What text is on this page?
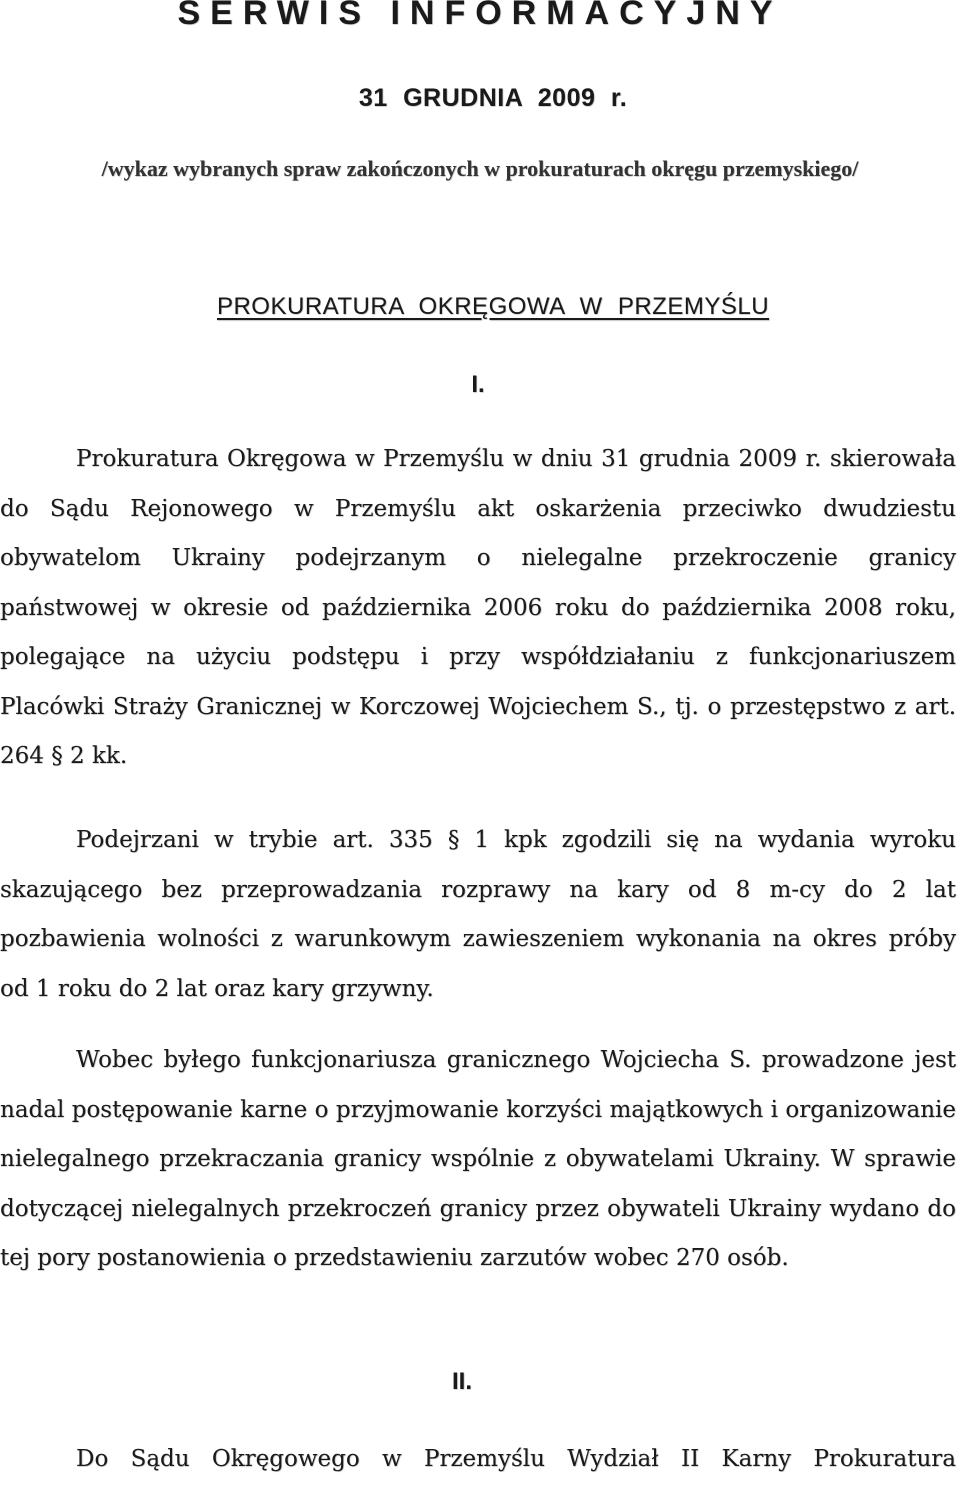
SERWIS INFORMACYJNY
31 GRUDNIA 2009 r.
/wykaz wybranych spraw zakończonych w prokuraturach okręgu przemyskiego/
PROKURATURA OKRĘGOWA W PRZEMYŚLU
I.
Prokuratura Okręgowa w Przemyślu w dniu 31 grudnia 2009 r. skierowała do Sądu Rejonowego w Przemyślu akt oskarżenia przeciwko dwudziestu obywatelom Ukrainy podejrzanym o nielegalne przekroczenie granicy państwowej w okresie od października 2006 roku do października 2008 roku, polegające na użyciu podstępu i przy współdziałaniu z funkcjonariuszem Placówki Straży Granicznej w Korczowej Wojciechem S., tj. o przestępstwo z art. 264 § 2 kk.
Podejrzani w trybie art. 335 § 1 kpk zgodzili się na wydania wyroku skazującego bez przeprowadzania rozprawy na kary od 8 m-cy do 2 lat pozbawienia wolności z warunkowym zawieszeniem wykonania na okres próby od 1 roku do 2 lat oraz kary grzywny.
Wobec byłego funkcjonariusza granicznego Wojciecha S. prowadzone jest nadal postępowanie karne o przyjmowanie korzyści majątkowych i organizowanie nielegalnego przekraczania granicy wspólnie z obywatelami Ukrainy. W sprawie dotyczącej nielegalnych przekroczeń granicy przez obywateli Ukrainy wydano do tej pory postanowienia o przedstawieniu zarzutów wobec 270 osób.
II.
Do Sądu Okręgowego w Przemyślu Wydział II Karny Prokuratura
